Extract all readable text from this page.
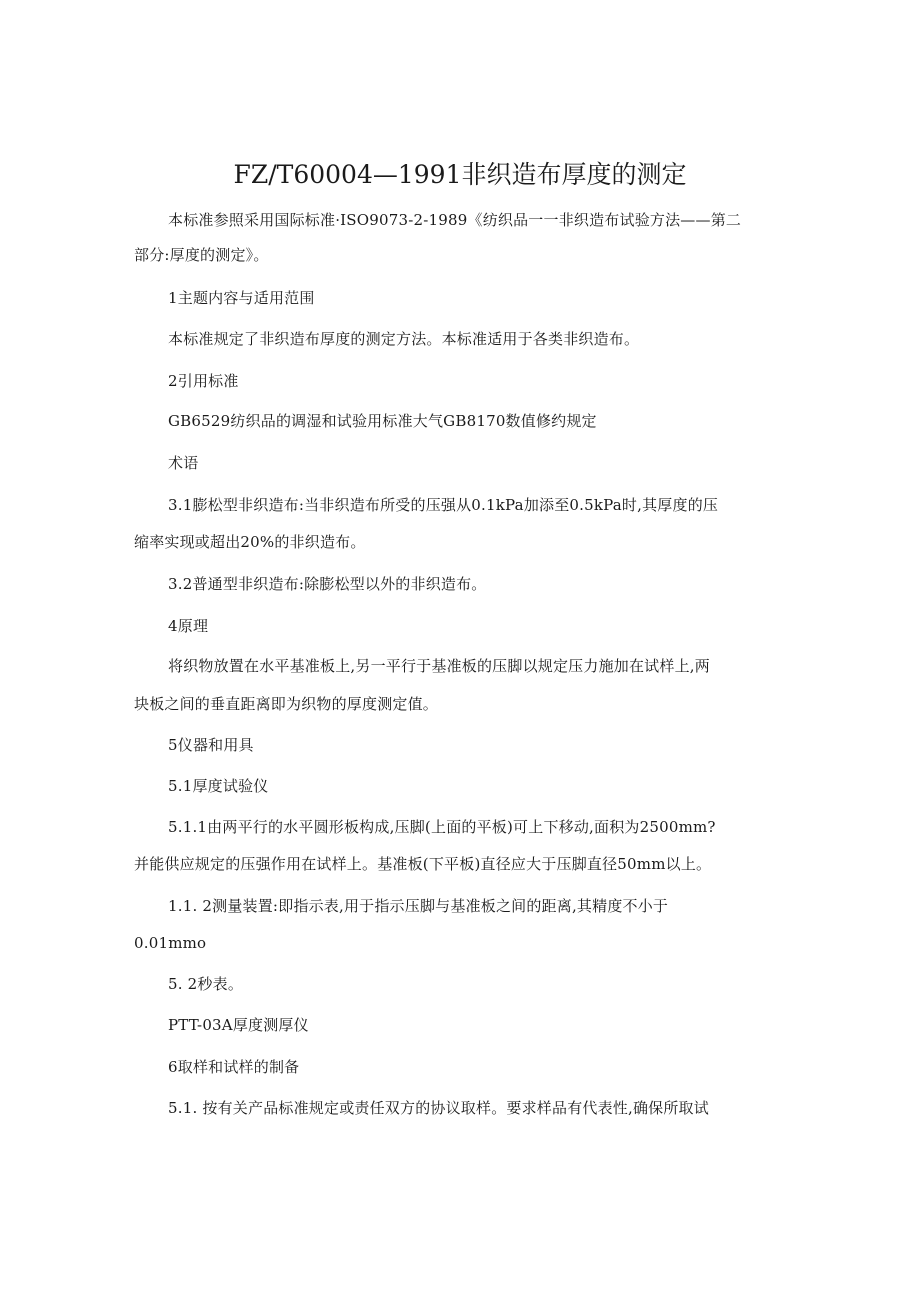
FZ/T60004—1991非织造布厚度的测定
本标准参照采用国际标准·ISO9073-2-1989《纺织品一一非织造布试验方法——第二
部分:厚度的测定》。
1主题内容与适用范围
本标准规定了非织造布厚度的测定方法。本标准适用于各类非织造布。
2引用标准
GB6529纺织品的调湿和试验用标准大气GB8170数值修约规定
术语
3.1膨松型非织造布:当非织造布所受的压强从0.1kPa加添至0.5kPa时,其厚度的压
缩率实现或超出20%的非织造布。
3.2普通型非织造布:除膨松型以外的非织造布。
4原理
将织物放置在水平基准板上,另一平行于基准板的压脚以规定压力施加在试样上,两
块板之间的垂直距离即为织物的厚度测定值。
5仪器和用具
5.1厚度试验仪
5.1.1由两平行的水平圆形板构成,压脚(上面的平板)可上下移动,面积为2500mm?
并能供应规定的压强作用在试样上。基准板(下平板)直径应大于压脚直径50mm以上。
1.1. 2测量装置:即指示表,用于指示压脚与基准板之间的距离,其精度不小于
0.01mmo
5. 2秒表。
PTT-03A厚度测厚仪
6取样和试样的制备
5.1. 按有关产品标准规定或责任双方的协议取样。要求样品有代表性,确保所取试
